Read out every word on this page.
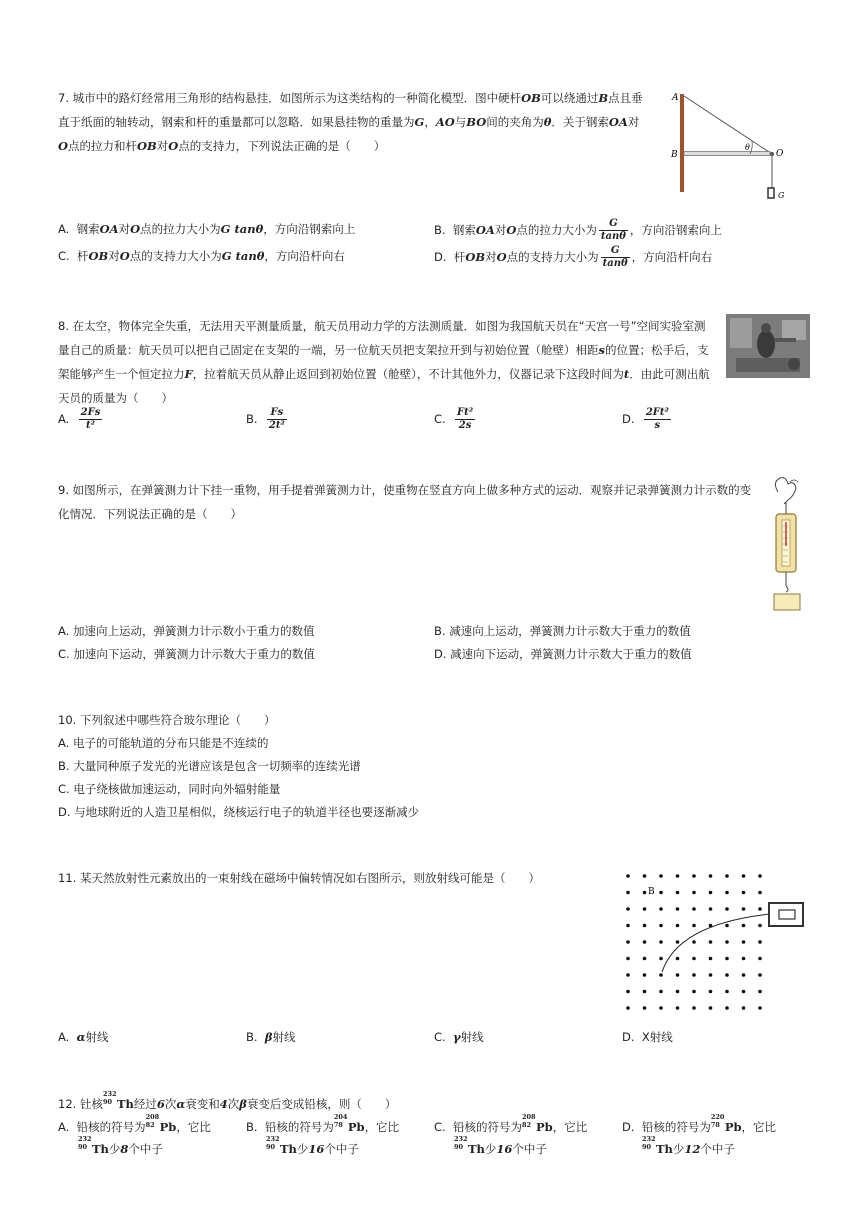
7. 城市中的路灯经常用三角形的结构悬挂．如图所示为这类结构的一种简化模型．图中硬杆OB可以绕通过B点且垂直于纸面的轴转动，钢索和杆的重量都可以忽略．如果悬挂物的重量为G，AO与BO间的夹角为θ．关于钢索OA对O点的拉力和杆OB对O点的支持力，下列说法正确的是（　　）
A
B	O
θ
G
A. 钢索OA对O点的拉力大小为G tanθ，方向沿钢索向上	B. 钢索OA对O点的拉力大小为 $\frac{G}{\tan\theta}$ ，方向沿钢索向上
C. 杆OB对O点的支持力大小为G tanθ，方向沿杆向右	D. 杆OB对O点的支持力大小为 $\frac{G}{\tan\theta}$ ，方向沿杆向右
8. 在太空，物体完全失重，无法用天平测量质量，航天员用动力学的方法测质量．如图为我国航天员在“天宫一号”空间实验室测量自己的质量：航天员可以把自己固定在支架的一端，另一位航天员把支架拉开到与初始位置（舱壁）相距s的位置；松手后，支架能够产生一个恒定拉力F，拉着航天员从静止返回到初始位置（舱壁），不计其他外力，仪器记录下这段时间为t．由此可测出航天员的质量为（　　）
A. $\frac{2Fs}{\text{t²}}$	B. $\frac{Fs}{\text{2t²}}$	C. $\frac{\text{Ft²}}{2s}$	D. $\frac{\text{2Ft²}}{s}$
9. 如图所示，在弹簧测力计下挂一重物，用手提着弹簧测力计，使重物在竖直方向上做多种方式的运动．观察并记录弹簧测力计示数的变化情况．下列说法正确的是（　　）
A. 加速向上运动，弹簧测力计示数小于重力的数值	B. 减速向上运动，弹簧测力计示数大于重力的数值
C. 加速向下运动，弹簧测力计示数大于重力的数值	D. 减速向下运动，弹簧测力计示数大于重力的数值
10. 下列叙述中哪些符合玻尔理论（　　）
A. 电子的可能轨道的分布只能是不连续的
B. 大量同种原子发光的光谱应该是包含一切频率的连续光谱
C. 电子绕核做加速运动，同时向外辐射能量
D. 与地球附近的人造卫星相似，绕核运行电子的轨道半径也要逐渐减少
11. 某天然放射性元素放出的一束射线在磁场中偏转情况如右图所示，则放射线可能是（　　）
B
A. α射线	B. β射线	C. γ射线	D. X射线
12. 钍核
232
90 Th经过6次α衰变和4次β衰变后变成铅核，则（　　）
A. 铅核的符号为
208
82 Pb，它比

232
90 Th少8个中子
B. 铅核的符号为
204
78 Pb，它比

232
90 Th少16个中子
C. 铅核的符号为
208
82 Pb，它比

232
90 Th少16个中子
D. 铅核的符号为
220
78 Pb，它比

232
90 Th少12个中子
